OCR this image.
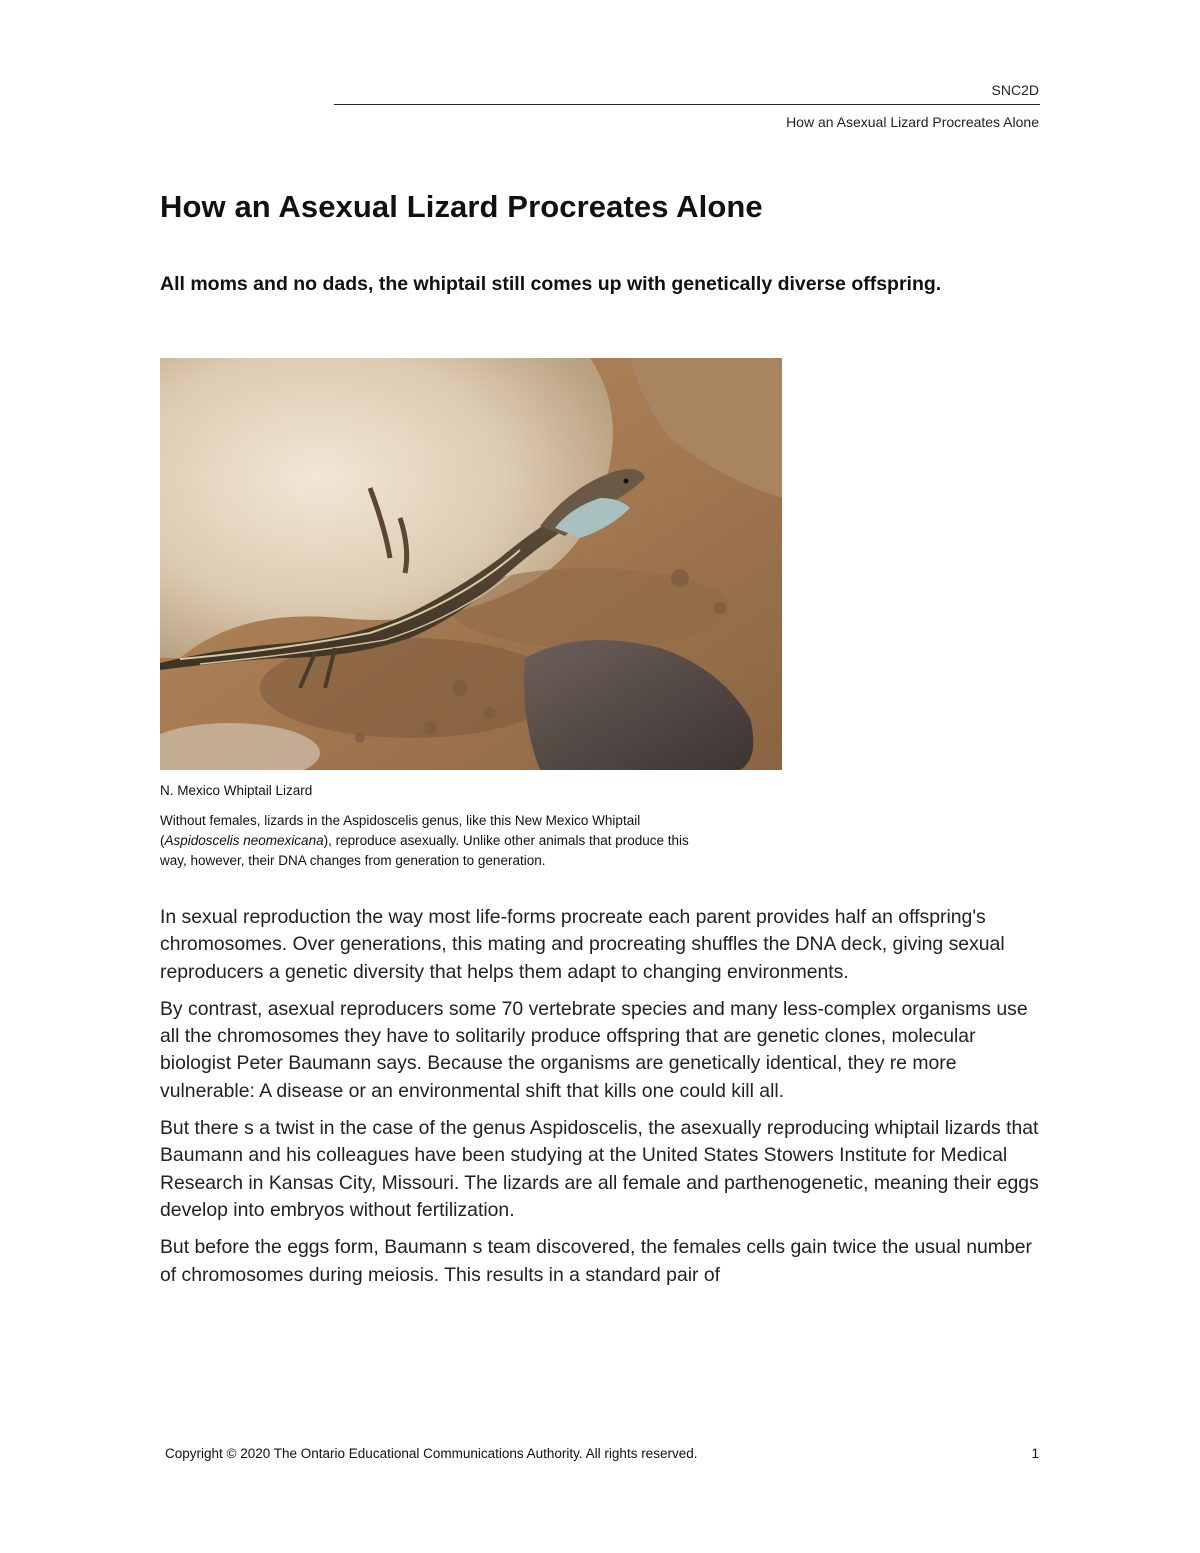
SNC2D
How an Asexual Lizard Procreates Alone
How an Asexual Lizard Procreates Alone
All moms and no dads, the whiptail still comes up with genetically diverse offspring.
N. Mexico Whiptail Lizard
Without females, lizards in the Aspidoscelis genus, like this New Mexico Whiptail
(Aspidoscelis neomexicana), reproduce asexually. Unlike other animals that produce this
way, however, their DNA changes from generation to generation.

In sexual reproduction the way most life-forms procreate each parent provides half an offspring's chromosomes. Over generations, this mating and procreating shuffles the DNA deck, giving sexual reproducers a genetic diversity that helps them adapt to changing environments.

By contrast, asexual reproducers some 70 vertebrate species and many less-complex organisms use all the chromosomes they have to solitarily produce offspring that are genetic clones, molecular biologist Peter Baumann says. Because the organisms are genetically identical, they re more vulnerable: A disease or an environmental shift that kills one could kill all.

But there s a twist in the case of the genus Aspidoscelis, the asexually reproducing whiptail lizards that Baumann and his colleagues have been studying at the United States Stowers Institute for Medical Research in Kansas City, Missouri. The lizards are all female and parthenogenetic, meaning their eggs develop into embryos without fertilization.

But before the eggs form, Baumann s team discovered, the females cells gain twice the usual number of chromosomes during meiosis. This results in a standard pair of

Copyright © 2020 The Ontario Educational Communications Authority. All rights reserved.	1
